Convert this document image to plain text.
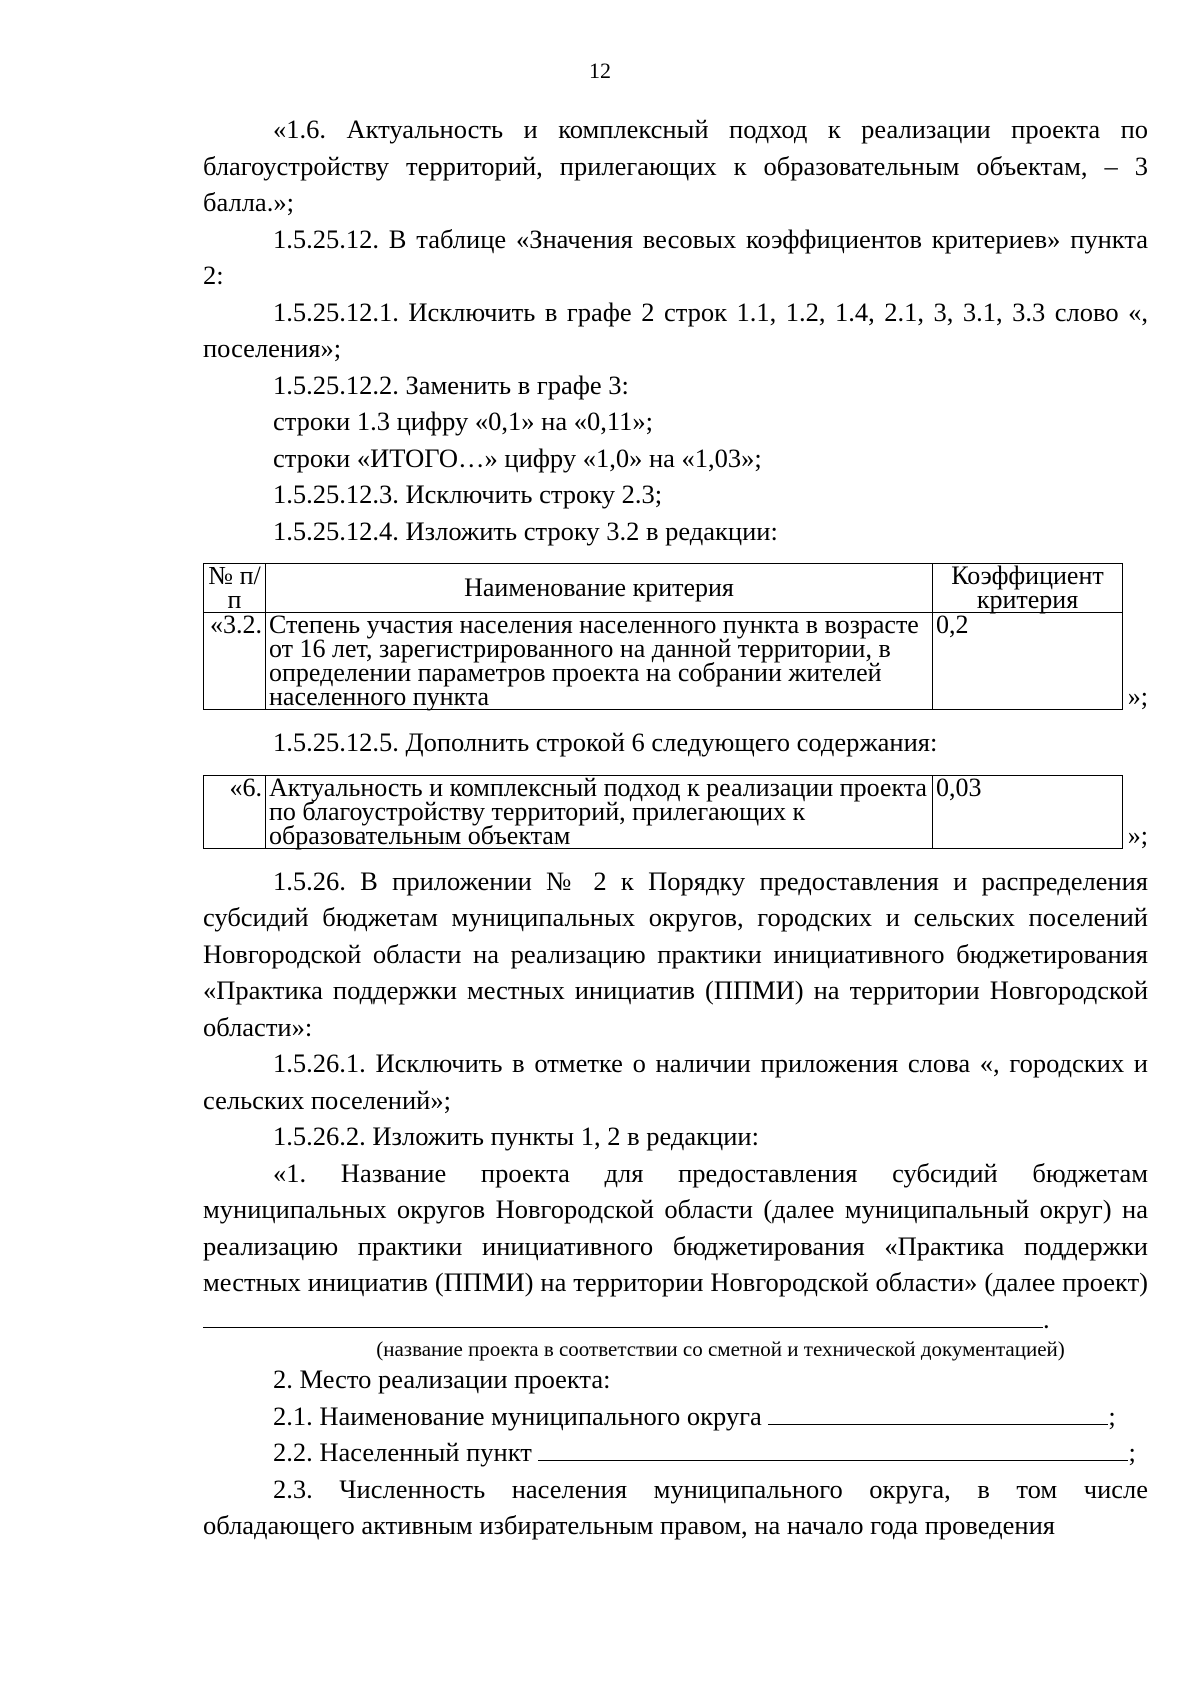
12

«1.6. Актуальность и комплексный подход к реализации проекта по благоустройству территорий, прилегающих к образовательным объектам, – 3 балла.»;

1.5.25.12. В таблице «Значения весовых коэффициентов критериев» пункта 2:

1.5.25.12.1. Исключить в графе 2 строк 1.1, 1.2, 1.4, 2.1, 3, 3.1, 3.3 слово «, поселения»;

1.5.25.12.2. Заменить в графе 3:

строки 1.3 цифру «0,1» на «0,11»;

строки «ИТОГО…» цифру «1,0» на «1,03»;

1.5.25.12.3. Исключить строку 2.3;

1.5.25.12.4. Изложить строку 3.2 в редакции:

№ п/п	Наименование критерия	Коэффициент критерия
«3.2.	Степень участия населения населенного пункта в возрасте от 16 лет, зарегистрированного на данной территории, в определении параметров проекта на собрании жителей населенного пункта	0,2
»;

1.5.25.12.5. Дополнить строкой 6 следующего содержания:

«6.	Актуальность и комплексный подход к реализации проекта по благоустройству территорий, прилегающих к образовательным объектам	0,03
»;

1.5.26. В приложении № 2 к Порядку предоставления и распределения субсидий бюджетам муниципальных округов, городских и сельских поселений Новгородской области на реализацию практики инициативного бюджетирования «Практика поддержки местных инициатив (ППМИ) на территории Новгородской области»:

1.5.26.1. Исключить в отметке о наличии приложения слова «, городских и сельских поселений»;

1.5.26.2. Изложить пункты 1, 2 в редакции:

«1. Название проекта для предоставления субсидий бюджетам муниципальных округов Новгородской области (далее муниципальный округ) на реализацию практики инициативного бюджетирования «Практика поддержки местных инициатив (ППМИ) на территории Новгородской области» (далее проект) .

(название проекта в соответствии со сметной и технической документацией)

2. Место реализации проекта:

2.1. Наименование муниципального округа	;

2.2. Населенный пункт	;

2.3. Численность населения муниципального округа, в том числе обладающего активным избирательным правом, на начало года проведения
